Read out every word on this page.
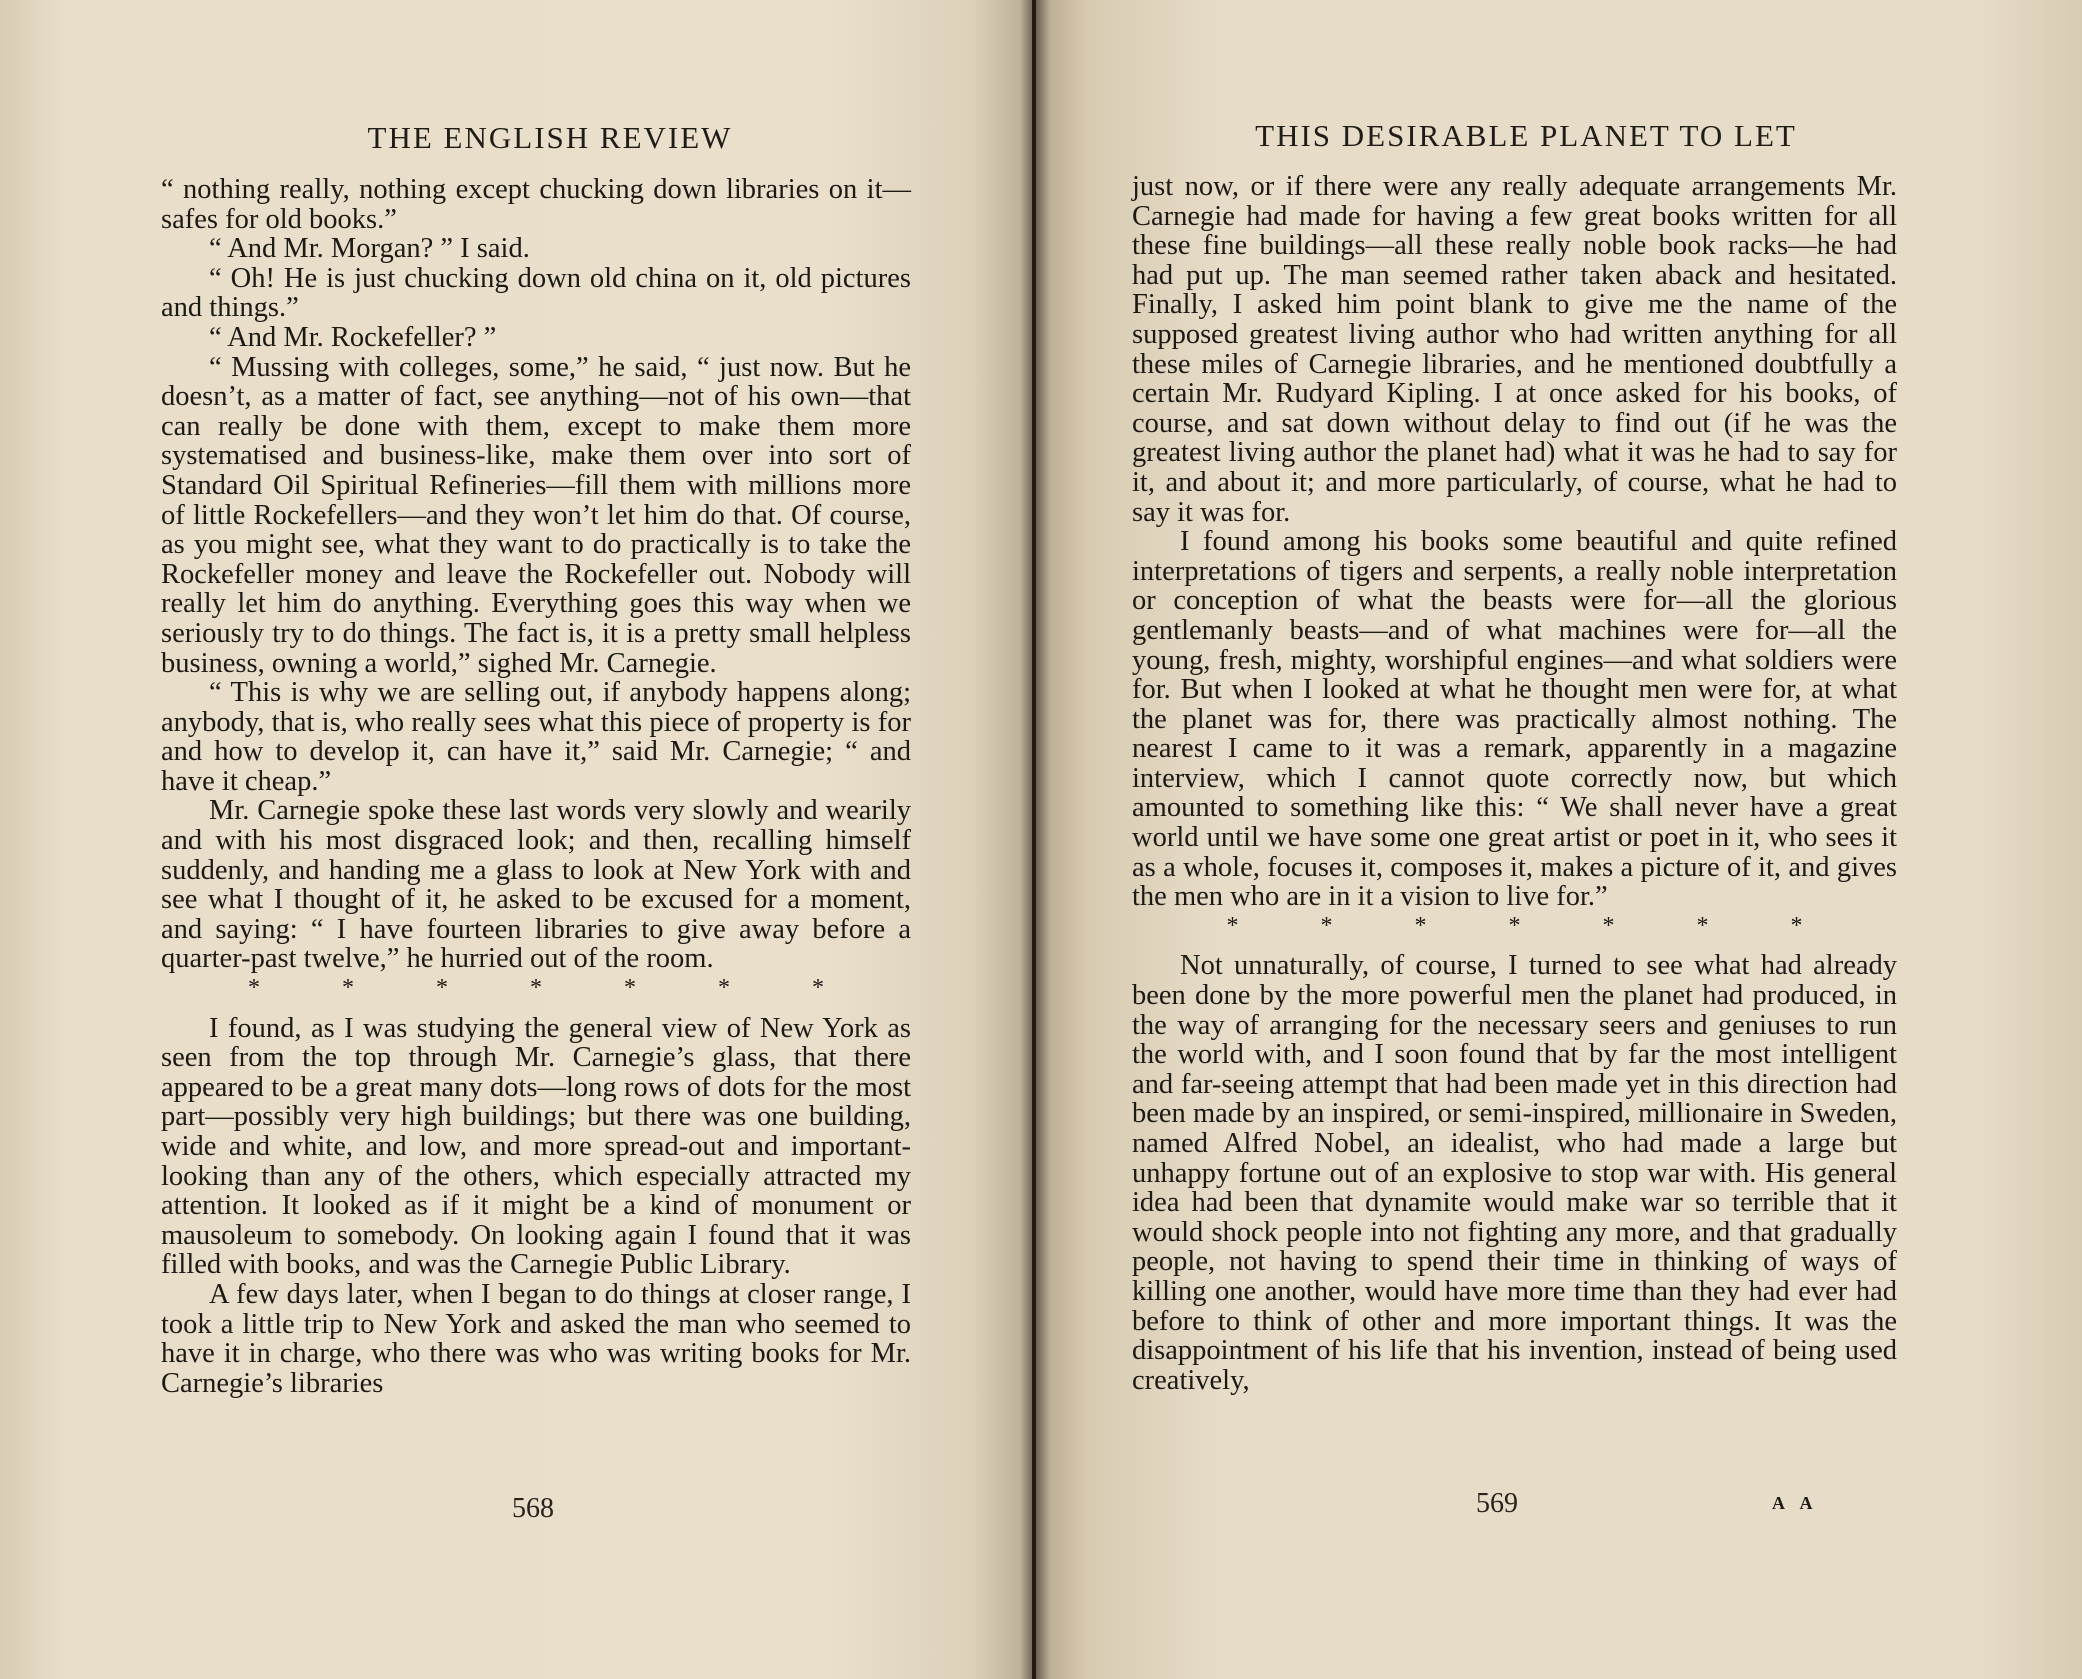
THE ENGLISH REVIEW

“ nothing really, nothing except chucking down libraries on it—safes for old books.”

“ And Mr. Morgan? ” I said.

“ Oh! He is just chucking down old china on it, old pictures and things.”

“ And Mr. Rockefeller? ”

“ Mussing with colleges, some,” he said, “ just now. But he doesn’t, as a matter of fact, see anything—not of his own—that can really be done with them, except to make them more systematised and business-like, make them over into sort of Standard Oil Spiritual Refineries—fill them with millions more of little Rockefellers—and they won’t let him do that. Of course, as you might see, what they want to do practically is to take the Rockefeller money and leave the Rockefeller out. Nobody will really let him do anything. Everything goes this way when we seriously try to do things. The fact is, it is a pretty small helpless business, owning a world,” sighed Mr. Carnegie.

“ This is why we are selling out, if anybody happens along; anybody, that is, who really sees what this piece of property is for and how to develop it, can have it,” said Mr. Carnegie; “ and have it cheap.”

Mr. Carnegie spoke these last words very slowly and wearily and with his most disgraced look; and then, recalling himself suddenly, and handing me a glass to look at New York with and see what I thought of it, he asked to be excused for a moment, and saying: “ I have fourteen libraries to give away before a quarter-past twelve,” he hurried out of the room.

* * * * * * *

I found, as I was studying the general view of New York as seen from the top through Mr. Carnegie’s glass, that there appeared to be a great many dots—long rows of dots for the most part—possibly very high buildings; but there was one building, wide and white, and low, and more spread-out and important-looking than any of the others, which especially attracted my attention. It looked as if it might be a kind of monument or mausoleum to somebody. On looking again I found that it was filled with books, and was the Carnegie Public Library.

A few days later, when I began to do things at closer range, I took a little trip to New York and asked the man who seemed to have it in charge, who there was who was writing books for Mr. Carnegie’s libraries

568
THIS DESIRABLE PLANET TO LET

just now, or if there were any really adequate arrangements Mr. Carnegie had made for having a few great books written for all these fine buildings—all these really noble book racks—he had had put up. The man seemed rather taken aback and hesitated. Finally, I asked him point blank to give me the name of the supposed greatest living author who had written anything for all these miles of Carnegie libraries, and he mentioned doubtfully a certain Mr. Rudyard Kipling. I at once asked for his books, of course, and sat down without delay to find out (if he was the greatest living author the planet had) what it was he had to say for it, and about it; and more particularly, of course, what he had to say it was for.

I found among his books some beautiful and quite refined interpretations of tigers and serpents, a really noble interpretation or conception of what the beasts were for—all the glorious gentlemanly beasts—and of what machines were for—all the young, fresh, mighty, worshipful engines—and what soldiers were for. But when I looked at what he thought men were for, at what the planet was for, there was practically almost nothing. The nearest I came to it was a remark, apparently in a magazine interview, which I cannot quote correctly now, but which amounted to something like this: “ We shall never have a great world until we have some one great artist or poet in it, who sees it as a whole, focuses it, composes it, makes a picture of it, and gives the men who are in it a vision to live for.”

* * * * * * *

Not unnaturally, of course, I turned to see what had already been done by the more powerful men the planet had produced, in the way of arranging for the necessary seers and geniuses to run the world with, and I soon found that by far the most intelligent and far-seeing attempt that had been made yet in this direction had been made by an inspired, or semi-inspired, millionaire in Sweden, named Alfred Nobel, an idealist, who had made a large but unhappy fortune out of an explosive to stop war with. His general idea had been that dynamite would make war so terrible that it would shock people into not fighting any more, and that gradually people, not having to spend their time in thinking of ways of killing one another, would have more time than they had ever had before to think of other and more important things. It was the disappointment of his life that his invention, instead of being used creatively,

569	A A
